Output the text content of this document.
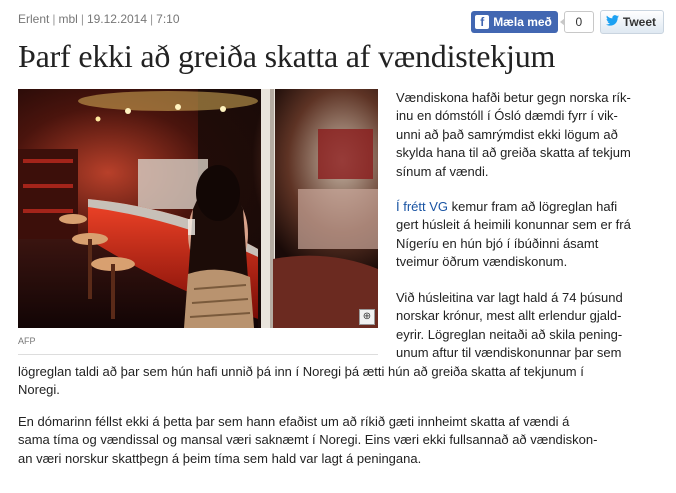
Erlent | mbl | 19.12.2014 | 7:10	f Mæla með	0	Tweet
Þarf ekki að greiða skatta af vændistekjum
⊕
AFP

Vændiskona hafði betur gegn norska rík-

inu en dómstóll í Ósló dæmdi fyrr í vik-

unni að það samrýmdist ekki lögum að

skylda hana til að greiða skatta af tekjum

sínum af vændi.

Í frétt VG kemur fram að lögreglan hafi

gert húsleit á heimili konunnar sem er frá

Nígeríu en hún bjó í íbúðinni ásamt

tveimur öðrum vændiskonum.

Við húsleitina var lagt hald á 74 þúsund

norskar krónur, mest allt erlendur gjald-

eyrir. Lögreglan neitaði að skila pening-

unum aftur til vændiskonunnar þar sem

lögreglan taldi að þar sem hún hafi unnið þá inn í Noregi þá ætti hún að greiða skatta af tekjunum í

Noregi.

En dómarinn féllst ekki á þetta þar sem hann efaðist um að ríkið gæti innheimt skatta af vændi á

sama tíma og vændissal og mansal væri saknæmt í Noregi. Eins væri ekki fullsannað að vændiskon-

an væri norskur skattþegn á þeim tíma sem hald var lagt á peningana.
